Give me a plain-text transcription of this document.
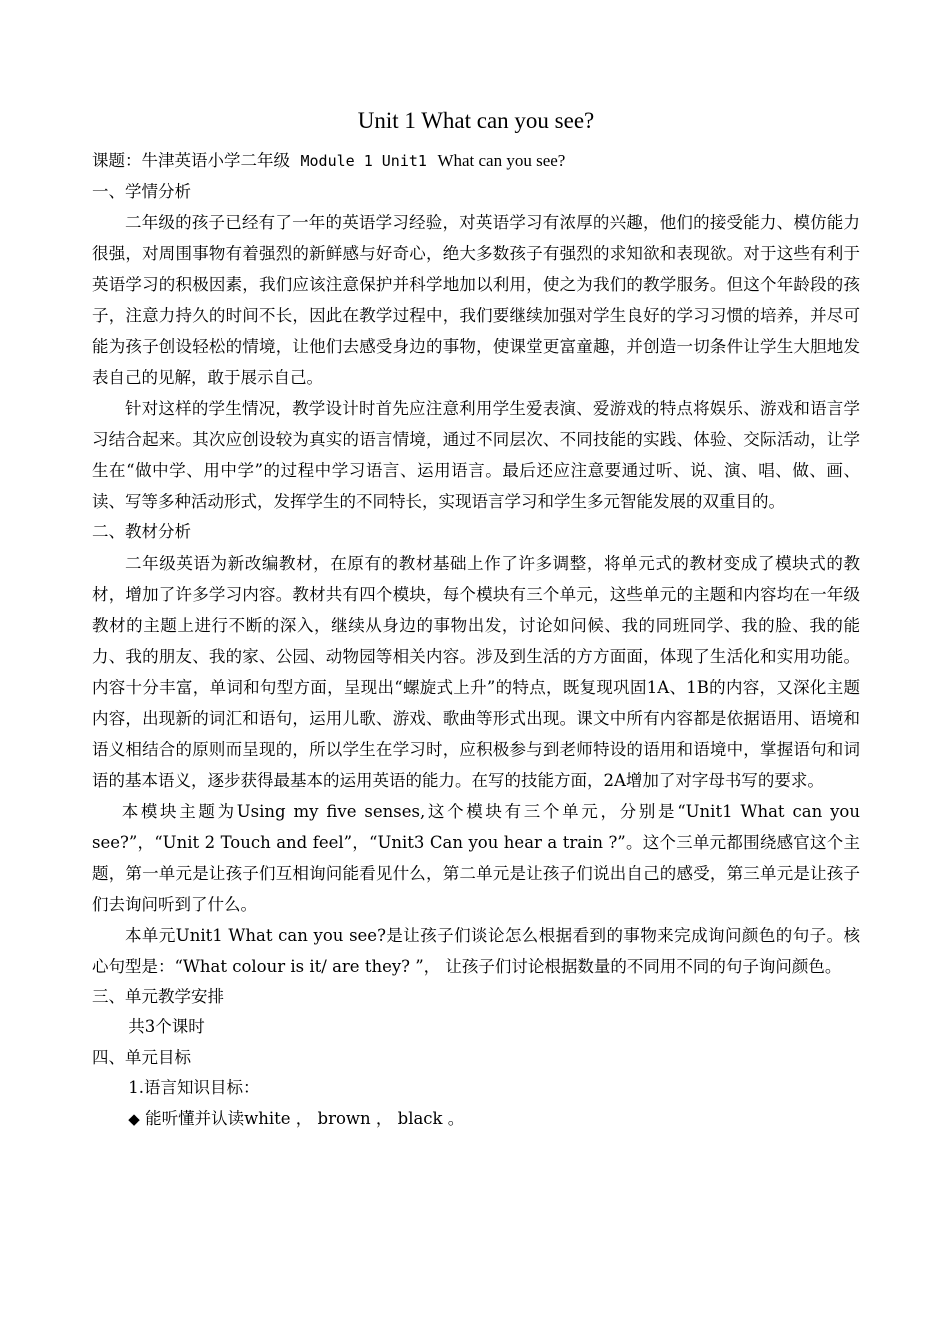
Unit 1 What can you see?

课题：牛津英语小学二年级 Module 1 Unit1 What can you see?

一、学情分析

二年级的孩子已经有了一年的英语学习经验，对英语学习有浓厚的兴趣，他们的接受能力、模仿能力很强，对周围事物有着强烈的新鲜感与好奇心，绝大多数孩子有强烈的求知欲和表现欲。对于这些有利于英语学习的积极因素，我们应该注意保护并科学地加以利用，使之为我们的教学服务。但这个年龄段的孩子，注意力持久的时间不长，因此在教学过程中，我们要继续加强对学生良好的学习习惯的培养，并尽可能为孩子创设轻松的情境，让他们去感受身边的事物，使课堂更富童趣，并创造一切条件让学生大胆地发表自己的见解，敢于展示自己。

针对这样的学生情况，教学设计时首先应注意利用学生爱表演、爱游戏的特点将娱乐、游戏和语言学习结合起来。其次应创设较为真实的语言情境，通过不同层次、不同技能的实践、体验、交际活动，让学生在“做中学、用中学”的过程中学习语言、运用语言。最后还应注意要通过听、说、演、唱、做、画、读、写等多种活动形式，发挥学生的不同特长，实现语言学习和学生多元智能发展的双重目的。

二、教材分析

二年级英语为新改编教材，在原有的教材基础上作了许多调整，将单元式的教材变成了模块式的教材，增加了许多学习内容。教材共有四个模块，每个模块有三个单元，这些单元的主题和内容均在一年级教材的主题上进行不断的深入，继续从身边的事物出发，讨论如问候、我的同班同学、我的脸、我的能力、我的朋友、我的家、公园、动物园等相关内容。涉及到生活的方方面面，体现了生活化和实用功能。内容十分丰富，单词和句型方面，呈现出“螺旋式上升”的特点，既复现巩固1A、1B的内容，又深化主题内容，出现新的词汇和语句，运用儿歌、游戏、歌曲等形式出现。课文中所有内容都是依据语用、语境和语义相结合的原则而呈现的，所以学生在学习时，应积极参与到老师特设的语用和语境中，掌握语句和词语的基本语义，逐步获得最基本的运用英语的能力。在写的技能方面，2A增加了对字母书写的要求。

本模块主题为Using my five senses,这个模块有三个单元，分别是“Unit1 What can you see?”，“Unit 2 Touch and feel”，“Unit3 Can you hear a train ?”。这个三单元都围绕感官这个主题，第一单元是让孩子们互相询问能看见什么，第二单元是让孩子们说出自己的感受，第三单元是让孩子们去询问听到了什么。

本单元Unit1 What can you see?是让孩子们谈论怎么根据看到的事物来完成询问颜色的句子。核心句型是：“What colour is it/ are they? ”， 让孩子们讨论根据数量的不同用不同的句子询问颜色。

三、单元教学安排

共3个课时

四、单元目标

1.语言知识目标：

◆ 能听懂并认读white ， brown ， black 。
